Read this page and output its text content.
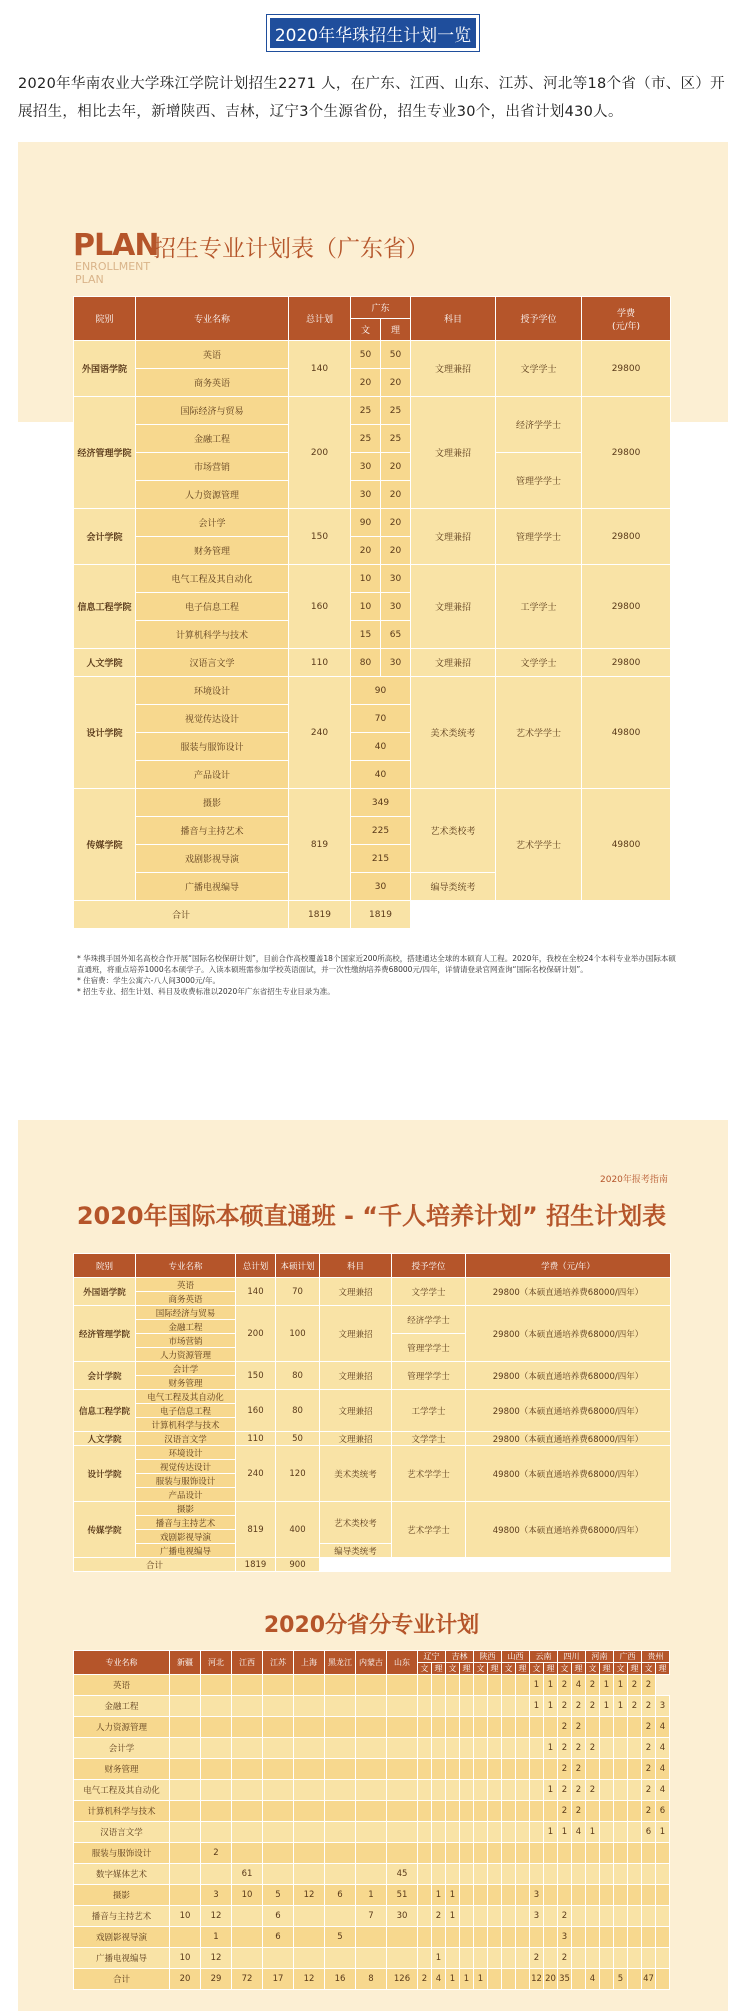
2020年华珠招生计划一览
2020年华南农业大学珠江学院计划招生2271 人，在广东、江西、山东、江苏、河北等18个省（市、区）开展招生，相比去年，新增陕西、吉林，辽宁3个生源省份，招生专业30个，出省计划430人。
PLAN
招生专业计划表（广东省）
ENROLLMENT PLAN
院别	专业名称	总计划	广东		科目	授予学位	学费
(元/年)
			文	理			
外国语学院	英语	140	50	50	文理兼招	文学学士	29800
	商务英语		20	20			
经济管理学院	国际经济与贸易	200	25	25	文理兼招	经济学学士	29800
	金融工程		25	25			
	市场营销		30	20		管理学学士	
	人力资源管理		30	20			
会计学院	会计学	150	90	20	文理兼招	管理学学士	29800
	财务管理		20	20			
信息工程学院	电气工程及其自动化	160	10	30	文理兼招	工学学士	29800
	电子信息工程		10	30			
	计算机科学与技术		15	65			
人文学院	汉语言文学	110	80	30	文理兼招	文学学士	29800
设计学院	环境设计	240	90		美术类统考	艺术学学士	49800
	视觉传达设计		70				
	服装与服饰设计		40				
	产品设计		40				
传媒学院	摄影	819	349		艺术类校考	艺术学学士	49800
	播音与主持艺术		225				
	戏剧影视导演		215				
	广播电视编导		30		编导类统考		
合计		1819	1819				
* 华珠携手国外知名高校合作开展“国际名校保研计划”，目前合作高校覆盖18个国家近200所高校，搭建通达全球的本硕育人工程。2020年，我校在全校24个本科专业举办国际本硕直通班，将重点培养1000名本硕学子。入读本硕班需参加学校英语面试，并一次性缴纳培养费68000元/四年，详情请登录官网查询“国际名校保研计划”。
* 住宿费：学生公寓六-八人间3000元/年。
* 招生专业、招生计划、科目及收费标准以2020年广东省招生专业目录为准。
2020年报考指南
2020年国际本硕直通班 - “千人培养计划” 招生计划表
院别	专业名称	总计划	本硕计划	科目	授予学位	学费（元/年）
外国语学院	英语	140	70	文理兼招	文学学士	29800（本硕直通培养费68000/四年）
	商务英语					
经济管理学院	国际经济与贸易	200	100	文理兼招	经济学学士	29800（本硕直通培养费68000/四年）
	金融工程					
	市场营销				管理学学士	
	人力资源管理					
会计学院	会计学	150	80	文理兼招	管理学学士	29800（本硕直通培养费68000/四年）
	财务管理					
信息工程学院	电气工程及其自动化	160	80	文理兼招	工学学士	29800（本硕直通培养费68000/四年）
	电子信息工程					
	计算机科学与技术					
人文学院	汉语言文学	110	50	文理兼招	文学学士	29800（本硕直通培养费68000/四年）
设计学院	环境设计	240	120	美术类统考	艺术学学士	49800（本硕直通培养费68000/四年）
	视觉传达设计					
	服装与服饰设计					
	产品设计					
传媒学院	摄影	819	400	艺术类校考	艺术学学士	49800（本硕直通培养费68000/四年）
	播音与主持艺术					
	戏剧影视导演					
	广播电视编导			编导类统考		
合计		1819	900			
2020分省分专业计划
专业名称	新疆	河北	江西	江苏	上海	黑龙江	内蒙古	山东	辽宁		吉林		陕西		山西		云南		四川		河南		广西		贵州	
									文	理	文	理	文	理	文	理	文	理	文	理	文	理	文	理	文	理
英语																	1	1	2	4	2	1	1	2	2	
金融工程																	1	1	2	2	2	1	1	2	2	3
人力资源管理																			2	2					2	4
会计学																		1	2	2	2				2	4
财务管理																			2	2					2	4
电气工程及其自动化																		1	2	2	2				2	4
计算机科学与技术																			2	2					2	6
汉语言文学																		1	1	4	1				6	1
服装与服饰设计		2																								
数字媒体艺术			61					45																		
摄影		3	10	5	12	6	1	51		1	1						3									
播音与主持艺术	10	12		6			7	30		2	1						3		2							
戏剧影视导演		1		6		5													3							
广播电视编导	10	12								1							2		2							
合计	20	29	72	17	12	16	8	126	2	4	1	1	1				12	20	35		4		5		47	
